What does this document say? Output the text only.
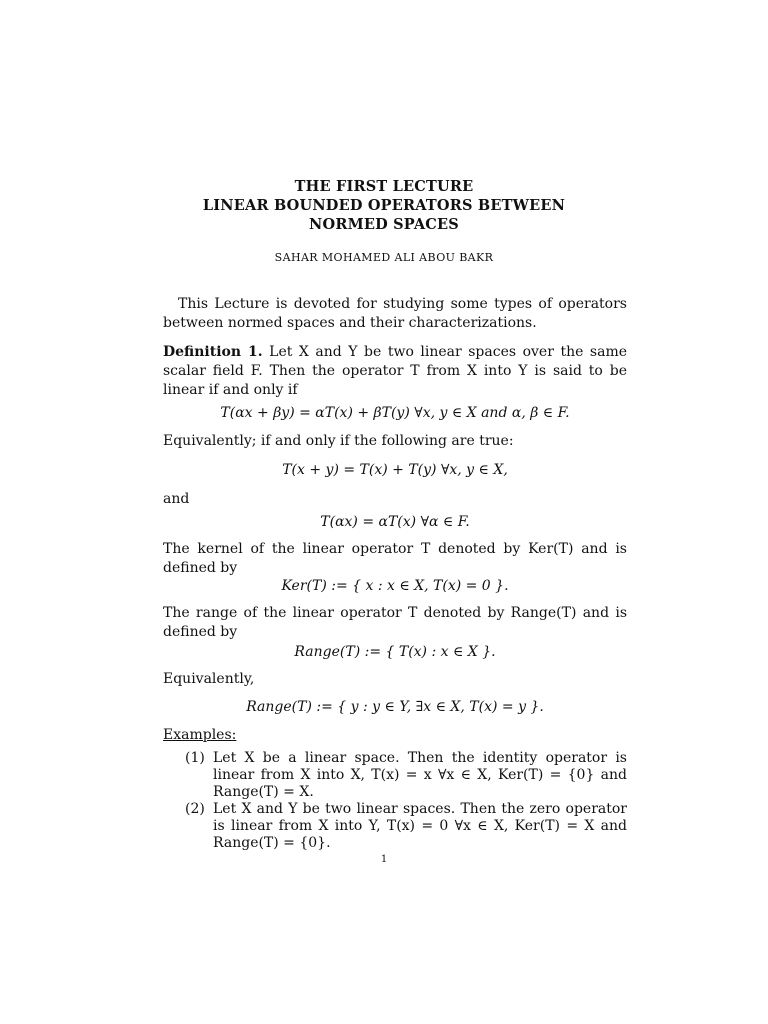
THE FIRST LECTURE
LINEAR BOUNDED OPERATORS BETWEEN
NORMED SPACES
SAHAR MOHAMED ALI ABOU BAKR
This Lecture is devoted for studying some types of operators between normed spaces and their characterizations.
Definition 1. Let X and Y be two linear spaces over the same scalar field F. Then the operator T from X into Y is said to be linear if and only if
T(αx + βy) = αT(x) + βT(y) ∀x, y ∈ X and α, β ∈ F.
Equivalently; if and only if the following are true:
T(x + y) = T(x) + T(y) ∀x, y ∈ X,
and
T(αx) = αT(x) ∀α ∈ F.
The kernel of the linear operator T denoted by Ker(T) and is defined by
Ker(T) := { x : x ∈ X, T(x) = 0 }.
The range of the linear operator T denoted by Range(T) and is defined by
Range(T) := { T(x) : x ∈ X }.
Equivalently,
Range(T) := { y : y ∈ Y, ∃x ∈ X, T(x) = y }.
Examples:
(1) Let X be a linear space. Then the identity operator is linear from X into X, T(x) = x ∀x ∈ X, Ker(T) = {0} and Range(T) = X.
(2) Let X and Y be two linear spaces. Then the zero operator is linear from X into Y, T(x) = 0 ∀x ∈ X, Ker(T) = X and Range(T) = {0}.
1
